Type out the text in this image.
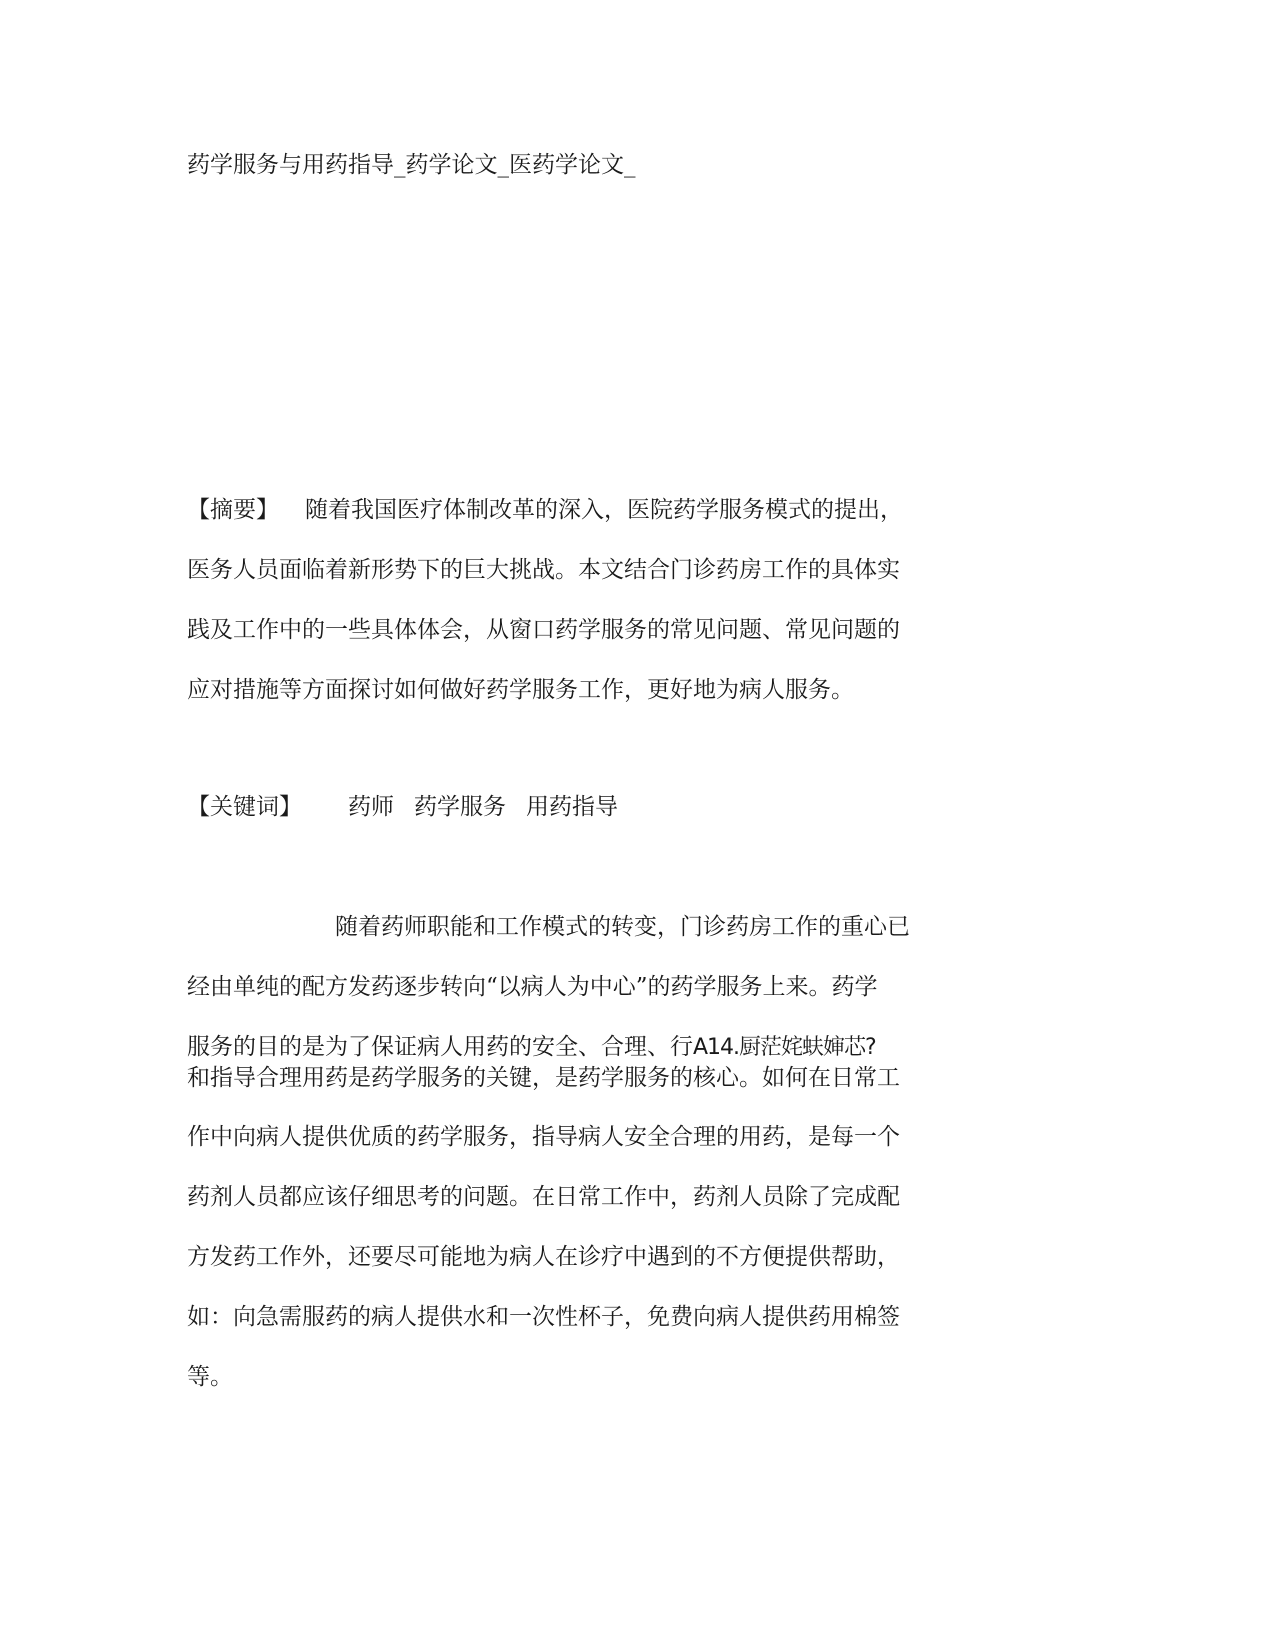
药学服务与用药指导_药学论文_医药学论文_
【摘要】 随着我国医疗体制改革的深入，医院药学服务模式的提出，
医务人员面临着新形势下的巨大挑战。本文结合门诊药房工作的具体实
践及工作中的一些具体体会，从窗口药学服务的常见问题、常见问题的
应对措施等方面探讨如何做好药学服务工作，更好地为病人服务。
【关键词】 药师 药学服务 用药指导
随着药师职能和工作模式的转变，门诊药房工作的重心已
经由单纯的配方发药逐步转向“以病人为中心”的药学服务上来。药学
服务的目的是为了保证病人用药的安全、合理、行A14.厨茫姹蚨婶芯?
和指导合理用药是药学服务的关键，是药学服务的核心。如何在日常工
作中向病人提供优质的药学服务，指导病人安全合理的用药，是每一个
药剂人员都应该仔细思考的问题。在日常工作中，药剂人员除了完成配
方发药工作外，还要尽可能地为病人在诊疗中遇到的不方便提供帮助，
如：向急需服药的病人提供水和一次性杯子，免费向病人提供药用棉签
等。
